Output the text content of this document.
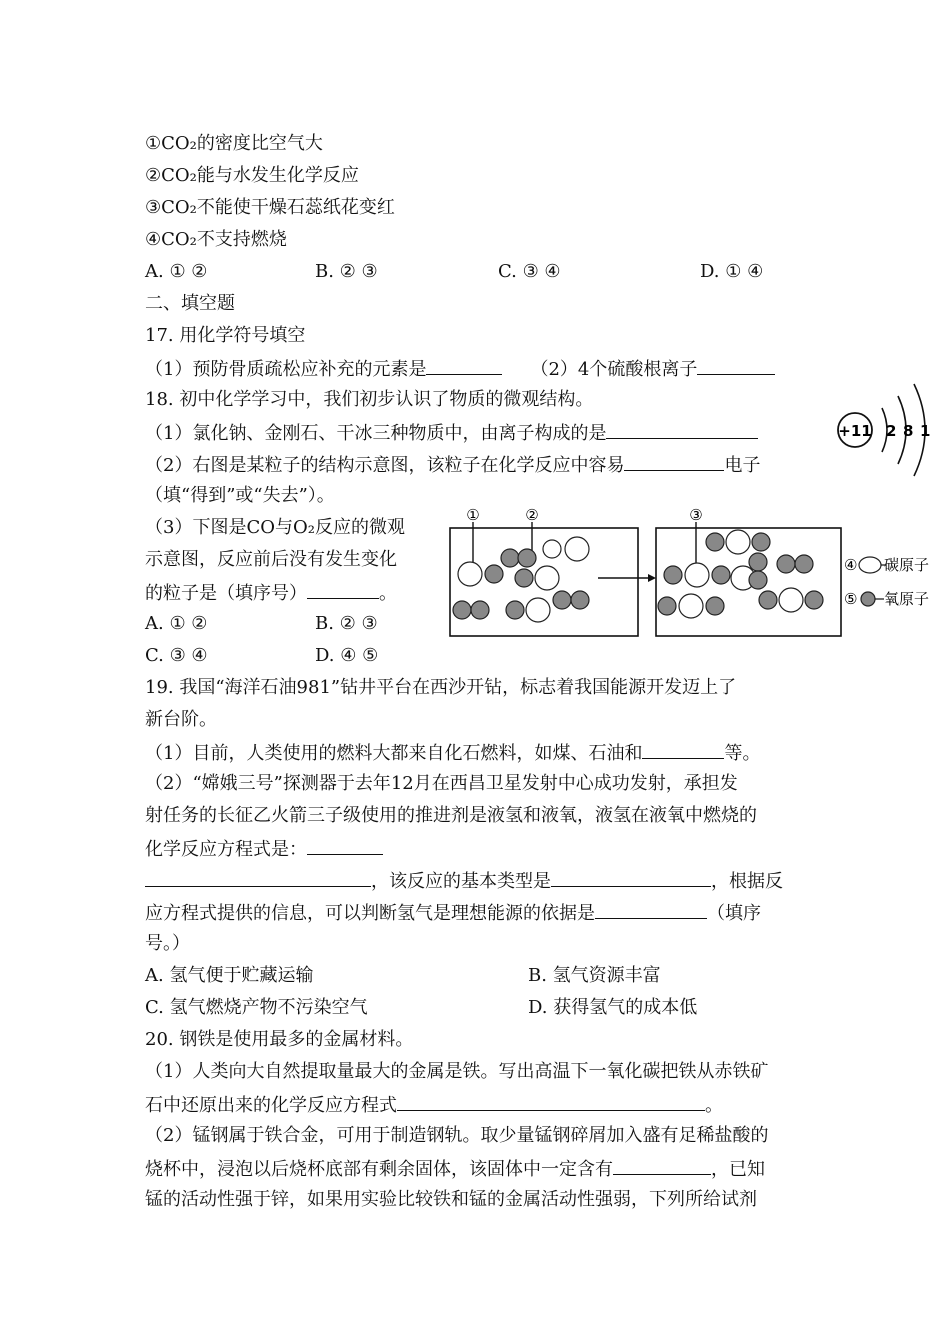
①CO₂的密度比空气大
②CO₂能与水发生化学反应
③CO₂不能使干燥石蕊纸花变红
④CO₂不支持燃烧
A. ① ②	B. ② ③	C. ③ ④	D. ① ④
二、填空题
17. 用化学符号填空
（1）预防骨质疏松应补充的元素是	（2）4个硫酸根离子
18. 初中化学学习中，我们初步认识了物质的微观结构。
（1）氯化钠、金刚石、干冰三种物质中，由离子构成的是
（2）右图是某粒子的结构示意图，该粒子在化学反应中容易	电子
（填“得到”或“失去”）。
（3）下图是CO与O₂反应的微观
示意图，反应前后没有发生变化
的粒子是（填序号）	。
A. ① ②	B. ② ③
C. ③ ④	D. ④ ⑤
+11 2 8 1
①	②	③
④ 碳原子
⑤ 氧原子
19. 我国“海洋石油981”钻井平台在西沙开钻，标志着我国能源开发迈上了
新台阶。
（1）目前，人类使用的燃料大都来自化石燃料，如煤、石油和	等。
（2）“嫦娥三号”探测器于去年12月在西昌卫星发射中心成功发射，承担发
射任务的长征乙火箭三子级使用的推进剂是液氢和液氧，液氢在液氧中燃烧的
化学反应方程式是：
，该反应的基本类型是	，根据反
应方程式提供的信息，可以判断氢气是理想能源的依据是	（填序
号。）
A. 氢气便于贮藏运输	B. 氢气资源丰富
C. 氢气燃烧产物不污染空气	D. 获得氢气的成本低
20. 钢铁是使用最多的金属材料。
（1）人类向大自然提取量最大的金属是铁。写出高温下一氧化碳把铁从赤铁矿
石中还原出来的化学反应方程式	。
（2）锰钢属于铁合金，可用于制造钢轨。取少量锰钢碎屑加入盛有足稀盐酸的
烧杯中，浸泡以后烧杯底部有剩余固体，该固体中一定含有	，已知
锰的活动性强于锌，如果用实验比较铁和锰的金属活动性强弱，下列所给试剂
